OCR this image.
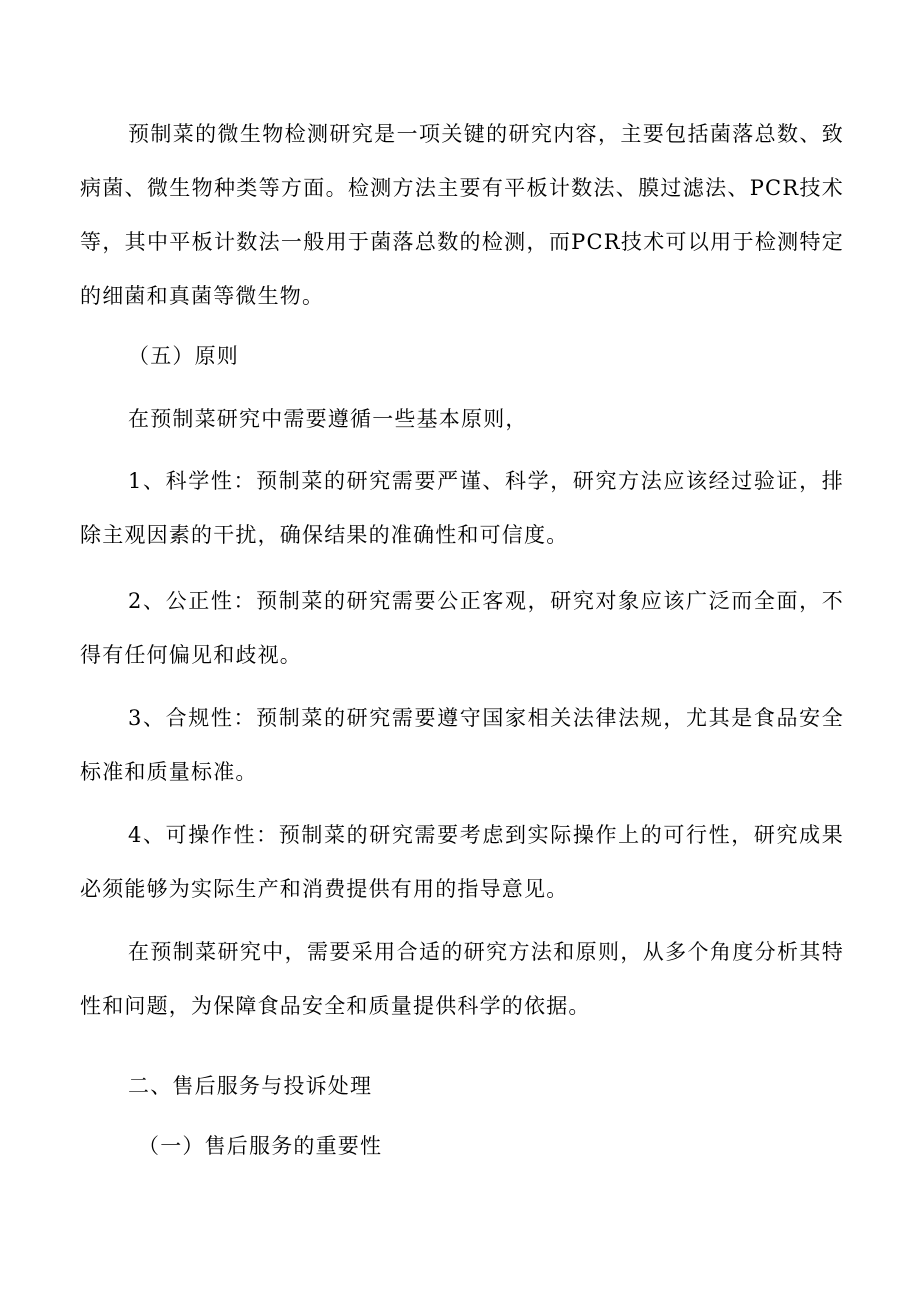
预制菜的微生物检测研究是一项关键的研究内容，主要包括菌落总数、致病菌、微生物种类等方面。检测方法主要有平板计数法、膜过滤法、PCR技术等，其中平板计数法一般用于菌落总数的检测，而PCR技术可以用于检测特定的细菌和真菌等微生物。

（五）原则

在预制菜研究中需要遵循一些基本原则，

1、科学性：预制菜的研究需要严谨、科学，研究方法应该经过验证，排除主观因素的干扰，确保结果的准确性和可信度。

2、公正性：预制菜的研究需要公正客观，研究对象应该广泛而全面，不得有任何偏见和歧视。

3、合规性：预制菜的研究需要遵守国家相关法律法规，尤其是食品安全标准和质量标准。

4、可操作性：预制菜的研究需要考虑到实际操作上的可行性，研究成果必须能够为实际生产和消费提供有用的指导意见。

在预制菜研究中，需要采用合适的研究方法和原则，从多个角度分析其特性和问题，为保障食品安全和质量提供科学的依据。

二、售后服务与投诉处理

（一）售后服务的重要性
